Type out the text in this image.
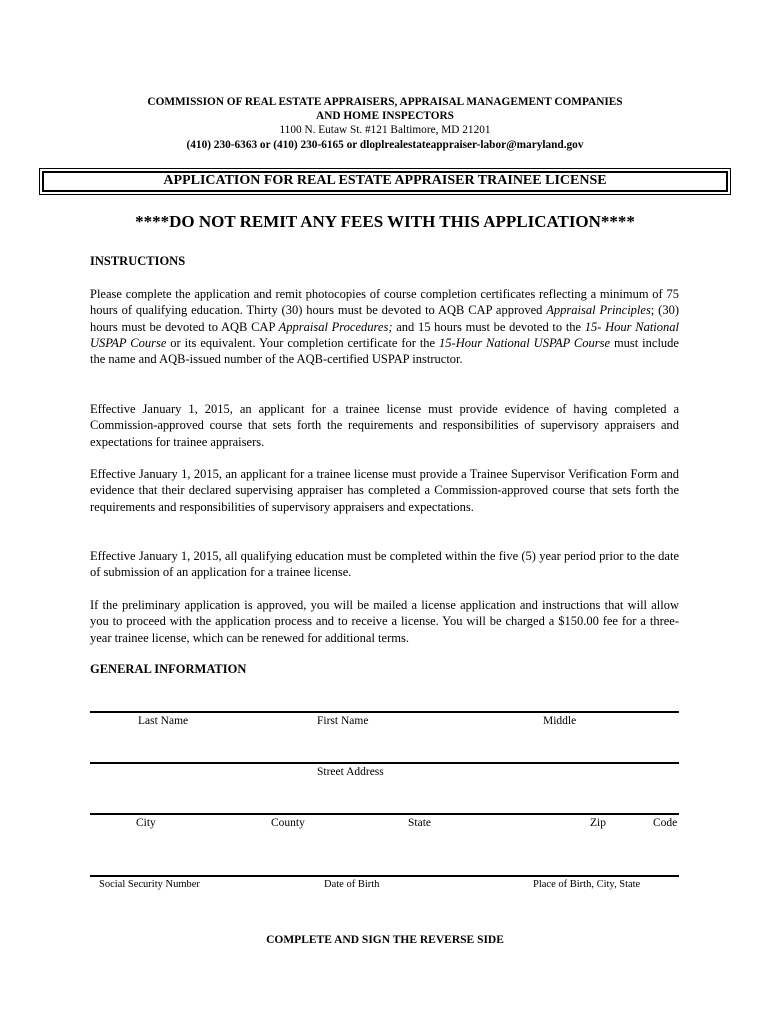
COMMISSION OF REAL ESTATE APPRAISERS, APPRAISAL MANAGEMENT COMPANIES
AND HOME INSPECTORS
1100 N. Eutaw St. #121 Baltimore, MD 21201
(410) 230-6363 or (410) 230-6165 or dloplrealestateappraiser-labor@maryland.gov
APPLICATION FOR REAL ESTATE APPRAISER TRAINEE LICENSE
****DO NOT REMIT ANY FEES WITH THIS APPLICATION****
INSTRUCTIONS

Please complete the application and remit photocopies of course completion certificates reflecting a minimum of 75 hours of qualifying education. Thirty (30) hours must be devoted to AQB CAP approved Appraisal Principles; (30) hours must be devoted to AQB CAP Appraisal Procedures; and 15 hours must be devoted to the 15- Hour National USPAP Course or its equivalent. Your completion certificate for the 15-Hour National USPAP Course must include the name and AQB-issued number of the AQB-certified USPAP instructor.

Effective January 1, 2015, an applicant for a trainee license must provide evidence of having completed a Commission-approved course that sets forth the requirements and responsibilities of supervisory appraisers and expectations for trainee appraisers.

Effective January 1, 2015, an applicant for a trainee license must provide a Trainee Supervisor Verification Form and evidence that their declared supervising appraiser has completed a Commission-approved course that sets forth the requirements and responsibilities of supervisory appraisers and expectations.

Effective January 1, 2015, all qualifying education must be completed within the five (5) year period prior to the date of submission of an application for a trainee license.

If the preliminary application is approved, you will be mailed a license application and instructions that will allow you to proceed with the application process and to receive a license. You will be charged a $150.00 fee for a three-year trainee license, which can be renewed for additional terms.

GENERAL INFORMATION
Last Name	First Name	Middle
Street Address
City	County	State	Zip	Code
Social Security Number	Date of Birth	Place of Birth, City, State
COMPLETE AND SIGN THE REVERSE SIDE
